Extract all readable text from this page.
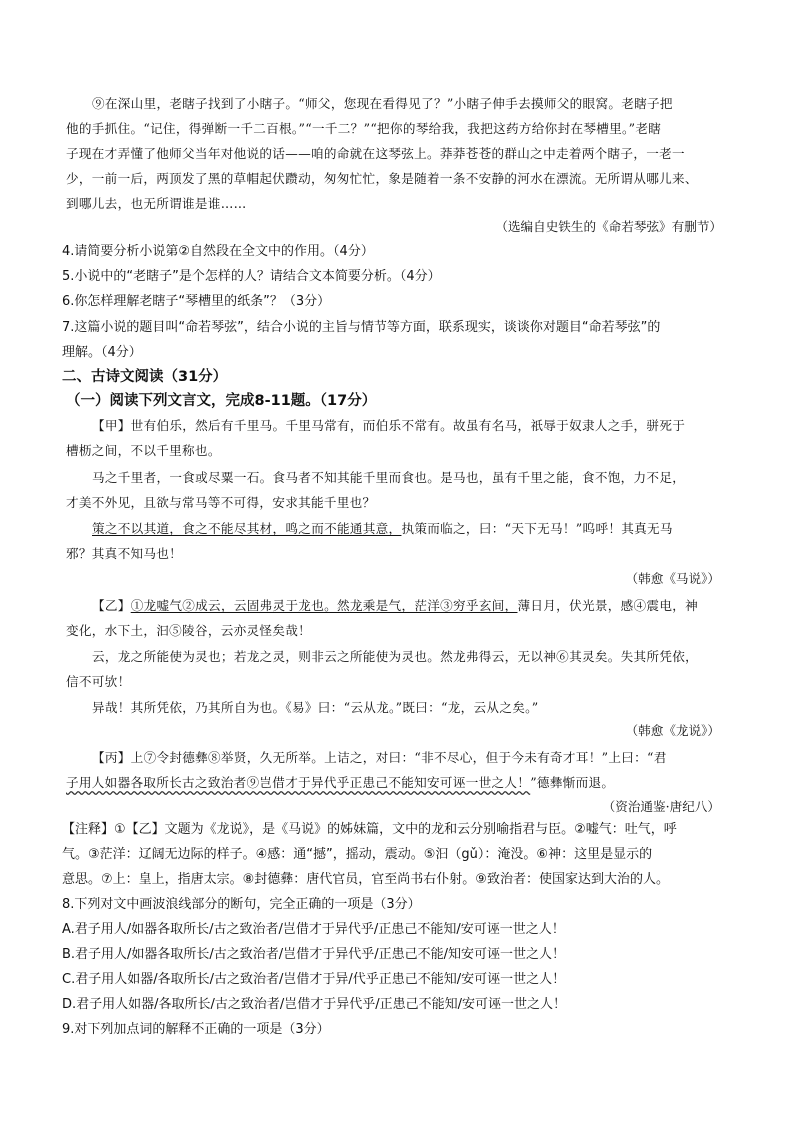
⑨在深山里，老瞎子找到了小瞎子。“师父，您现在看得见了？”小瞎子伸手去摸师父的眼窝。老瞎子把
他的手抓住。“记住，得弹断一千二百根。”“一千二？”“把你的琴给我，我把这药方给你封在琴槽里。”老瞎
子现在才弄懂了他师父当年对他说的话——咱的命就在这琴弦上。莽莽苍苍的群山之中走着两个瞎子，一老一
少，一前一后，两顶发了黑的草帽起伏躜动，匆匆忙忙，象是随着一条不安静的河水在漂流。无所谓从哪儿来、
到哪儿去，也无所谓谁是谁……
（选编自史铁生的《命若琴弦》有删节）
4.请简要分析小说第②自然段在全文中的作用。（4分）
5.小说中的“老瞎子”是个怎样的人？请结合文本简要分析。（4分）
6.你怎样理解老瞎子“琴槽里的纸条”？（3分）
7.这篇小说的题目叫“命若琴弦”，结合小说的主旨与情节等方面，联系现实，谈谈你对题目“命若琴弦”的
理解。（4分）
二、古诗文阅读（31分）
（一）阅读下列文言文，完成8-11题。（17分）
【甲】世有伯乐，然后有千里马。千里马常有，而伯乐不常有。故虽有名马，祇辱于奴隶人之手，骈死于
槽枥之间，不以千里称也。
马之千里者，一食或尽粟一石。食马者不知其能千里而食也。是马也，虽有千里之能，食不饱，力不足，
才美不外见，且欲与常马等不可得，安求其能千里也？
策之不以其道，食之不能尽其材，鸣之而不能通其意，执策而临之，曰：“天下无马！”呜呼！其真无马
邪？其真不知马也！
（韩愈《马说》）
【乙】①龙嘘气②成云，云固弗灵于龙也。然龙乘是气，茫洋③穷乎玄间，薄日月，伏光景，感④震电，神
变化，水下土，汩⑤陵谷，云亦灵怪矣哉！
云，龙之所能使为灵也；若龙之灵，则非云之所能使为灵也。然龙弗得云，无以神⑥其灵矣。失其所凭依，
信不可欤！
异哉！其所凭依，乃其所自为也。《易》曰：“云从龙。”既曰：“龙，云从之矣。”
（韩愈《龙说》）
【丙】上⑦令封德彝⑧举贤，久无所举。上诘之，对曰：“非不尽心，但于今未有奇才耳！”上曰：“君
子用人如器各取所长古之致治者⑨岂借才于异代乎正患己不能知安可诬一世之人！”德彝惭而退。
（资治通鉴·唐纪八）
【注释】①【乙】文题为《龙说》，是《马说》的姊妹篇，文中的龙和云分别喻指君与臣。②嘘气：吐气，呼
气。③茫洋：辽阔无边际的样子。④感：通“撼”，摇动，震动。⑤汩（gǔ）：淹没。⑥神：这里是显示的
意思。⑦上：皇上，指唐太宗。⑧封德彝：唐代官员，官至尚书右仆射。⑨致治者：使国家达到大治的人。
8.下列对文中画波浪线部分的断句，完全正确的一项是（3分）
A.君子用人/如器各取所长/古之致治者/岂借才于异代乎/正患己不能知/安可诬一世之人！
B.君子用人/如器各取所长/古之致治者/岂借才于异代乎/正患己不能/知安可诬一世之人！
C.君子用人如器/各取所长/古之致治者/岂借才于异/代乎正患己不能知/安可诬一世之人！
D.君子用人如器/各取所长/古之致治者/岂借才于异代乎/正患己不能知/安可诬一世之人！
9.对下列加点词的解释不正确的一项是（3分）
